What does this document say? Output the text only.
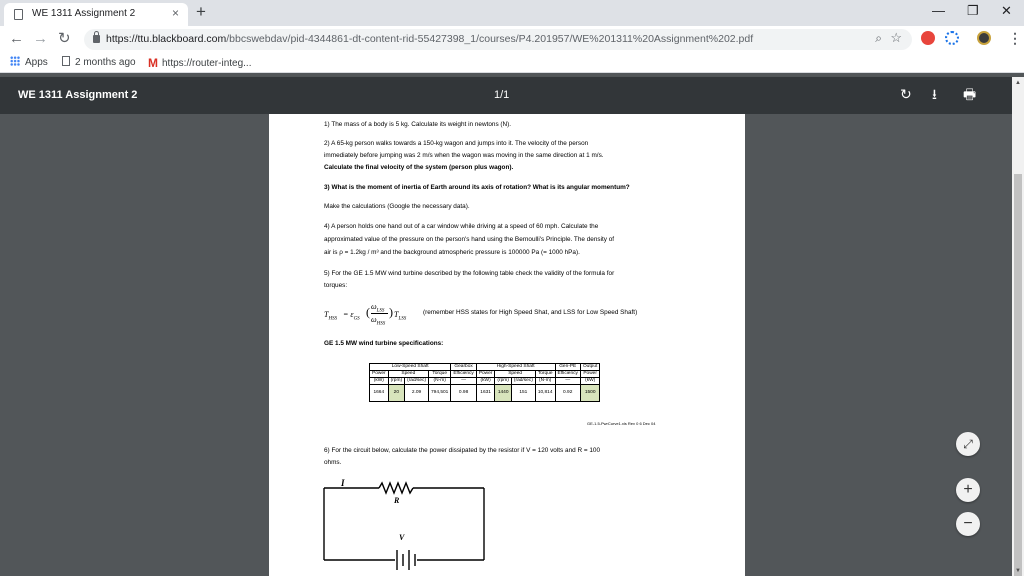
WE 1311 Assignment 2	× +	— ❐ ✕
← → ↻	https://ttu.blackboard.com/bbcswebdav/pid-4344861-dt-content-rid-55427398_1/courses/P4.201957/WE%201311%20Assignment%202.pdf	⌕ ☆	⋮
Apps	2 months ago M https://router-integ...
WE 1311 Assignment 2	1/1	↻ ⭳ 🖶

1) The mass of a body is 5 kg. Calculate its weight in newtons (N).

2) A 65-kg person walks towards a 150-kg wagon and jumps into it. The velocity of the person

immediately before jumping was 2 m/s when the wagon was moving in the same direction at 1 m/s.

Calculate the final velocity of the system (person plus wagon).

3) What is the moment of inertia of Earth around its axis of rotation? What is its angular momentum?

Make the calculations (Google the necessary data).

4) A person holds one hand out of a car window while driving at a speed of 60 mph. Calculate the

approximated value of the pressure on the person's hand using the Bernoulli's Principle. The density of

air is ρ = 1.2kg / m³ and the background atmospheric pressure is 100000 Pa (= 1000 hPa).

5) For the GE 1.5 MW wind turbine described by the following table check the validity of the formula for

torques:

$T_{HSS}$
= $\varepsilon_{GS}$
( $\omega_{LSS}$
$\omega_{HSS}$
) $T_{LSS}$

(remember HSS states for High Speed Shat, and LSS for Low Speed Shaft)

GE 1.5 MW wind turbine specifications:

Low-Speed Shaft				Gearbox	High-Speed Shaft				Gen-PE	Output
Power	Speed		Torque	Efficiency	Power	Speed		Torque	Efficiency	Power
(kW)	(rpm)	(rad/sec)	(N-m)	—	(kW)	(rpm)	(rad/sec)	(N-m)	—	(kW)
1664	20	2.09	794,501	0.98	1631	1440	151	10,814	0.92	1500
GE-1.5-PwrCurve1.xls Rev 0 6 Dec 04

6) For the circuit below, calculate the power dissipated by the resistor if V = 120 volts and R = 100

ohms.

I
R
V
⤢
+
−
▲
▼
